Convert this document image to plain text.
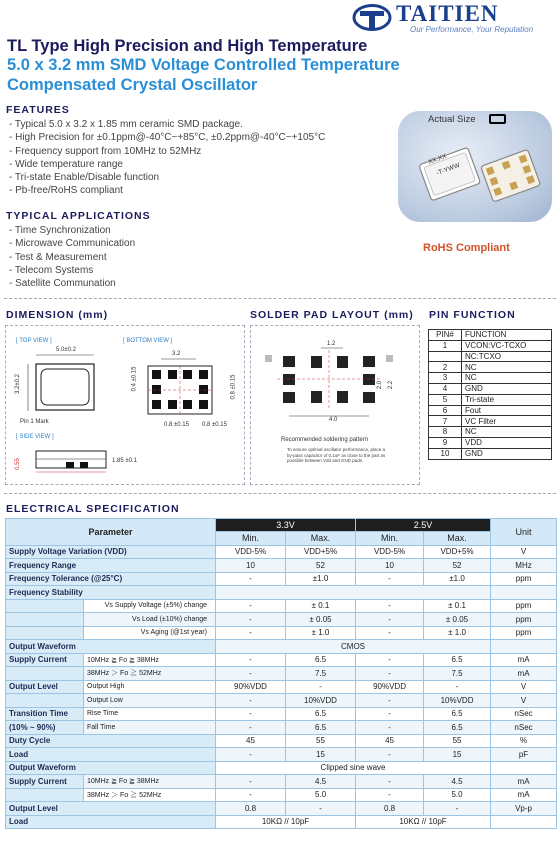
TAITIEN
Our Performance, Your Reputation
TL Type High Precision and High Temperature
5.0 x 3.2 mm SMD Voltage Controlled Temperature
Compensated Crystal Oscillator
FEATURES
- Typical 5.0 x 3.2 x 1.85 mm ceramic SMD package.
- High Precision for ±0.1ppm@-40°C~+85°C, ±0.2ppm@-40°C~+105°C
- Frequency support from 10MHz to 52MHz
- Wide temperature range
- Tri-state Enable/Disable function
- Pb-free/RoHS compliant
TYPICAL APPLICATIONS
- Time Synchronization
- Microwave Communication
- Test & Measurement
- Telecom Systems
- Satellite Communation
Actual Size
XX.XX
-T-YWW
RoHS Compliant
DIMENSION (mm)
[ TOP VIEW ]	[ BOTTOM VIEW ]
[ SIDE VIEW ]
5.0±0.2
3.2±0.2
Pin 1 Mark
3.2
0.4 ±0.15	0.8 ±0.15
0.8 ±0.15 0.8 ±0.15
1.85 ±0.1
0.55
SOLDER PAD LAYOUT (mm)
1.2
4.0
2.0 2.2
Recommended soldering pattern
To ensure optimal oscillator performance, place a by-pass capacitor of 0.1uF as close to the part as possible between Vdd and GND pads.
PIN FUNCTION
PIN#	FUNCTION
1	VCON:VC-TCXO
	NC:TCXO
2	NC
3	NC
4	GND
5	Tri-state
6	Fout
7	VC Filter
8	NC
9	VDD
10	GND
ELECTRICAL SPECIFICATION
Parameter		3.3V		2.5V		Unit
		Min.	Max.	Min.	Max.	
Supply Voltage Variation (VDD)		VDD-5%	VDD+5%	VDD-5%	VDD+5%	V
Frequency Range		10	52	10	52	MHz
Frequency Tolerance (@25°C)		-	±1.0	-	±1.0	ppm
Frequency Stability						
	Vs Supply Voltage (±5%) change	-	± 0.1	-	± 0.1	ppm
	Vs Load (±10%) change	-	± 0.05	-	± 0.05	ppm
	Vs Aging (@1st year)	-	± 1.0	-	± 1.0	ppm
Output Waveform		CMOS				
Supply Current	10MHz ≧ Fo ≧ 38MHz	-	6.5	-	6.5	mA
	38MHz ＞ Fo ≧ 52MHz	-	7.5	-	7.5	mA
Output Level	Output High	90%VDD	-	90%VDD	-	V
	Output Low	-	10%VDD	-	10%VDD	V
Transition Time	Rise Time	-	6.5	-	6.5	nSec
(10% ~ 90%)	Fall Time	-	6.5	-	6.5	nSec
Duty Cycle		45	55	45	55	%
Load		-	15	-	15	pF
Output Waveform		Clipped sine wave				
Supply Current	10MHz ≧ Fo ≧ 38MHz	-	4.5	-	4.5	mA
	38MHz ＞ Fo ≧ 52MHz	-	5.0	-	5.0	mA
Output Level		0.8	-	0.8	-	Vp-p
Load		10KΩ // 10pF		10KΩ // 10pF		
